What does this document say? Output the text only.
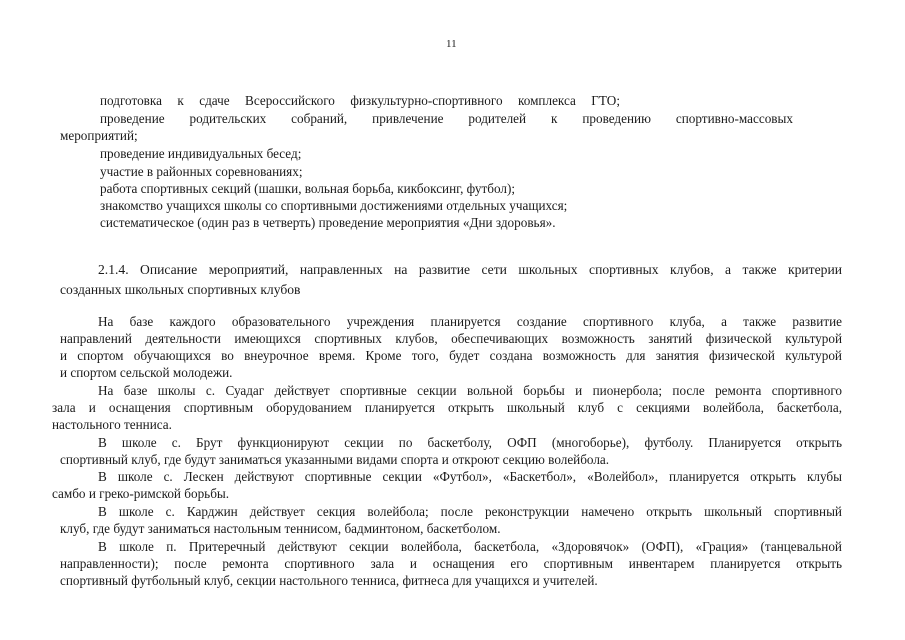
11
подготовка к сдаче Всероссийского физкультурно-спортивного комплекса ГТО;
проведение родительских собраний, привлечение родителей к проведению спортивно-массовых
мероприятий;
проведение индивидуальных бесед;
участие в районных соревнованиях;
работа спортивных секций (шашки, вольная борьба, кикбоксинг, футбол);
знакомство учащихся школы со спортивными достижениями отдельных учащихся;
систематическое (один раз в четверть) проведение мероприятия «Дни здоровья».
2.1.4. Описание мероприятий, направленных на развитие сети школьных спортивных клубов, а также критерии
созданных школьных спортивных клубов
На базе каждого образовательного учреждения планируется создание спортивного клуба, а также развитие
направлений деятельности имеющихся спортивных клубов, обеспечивающих возможность занятий физической культурой
и спортом обучающихся во внеурочное время. Кроме того, будет создана возможность для занятия физической культурой
и спортом сельской молодежи.
На базе школы с. Суадаг действует спортивные секции вольной борьбы и пионербола; после ремонта спортивного
зала и оснащения спортивным оборудованием планируется открыть школьный клуб с секциями волейбола, баскетбола,
настольного тенниса.
В школе с. Брут функционируют секции по баскетболу, ОФП (многоборье), футболу. Планируется открыть
спортивный клуб, где будут заниматься указанными видами спорта и откроют секцию волейбола.
В школе с. Лескен действуют спортивные секции «Футбол», «Баскетбол», «Волейбол», планируется открыть клубы
самбо и греко-римской борьбы.
В школе с. Карджин действует секция волейбола; после реконструкции намечено открыть школьный спортивный
клуб, где будут заниматься настольным теннисом, бадминтоном, баскетболом.
В школе п. Притеречный действуют секции волейбола, баскетбола, «Здоровячок» (ОФП), «Грация» (танцевальной
направленности); после ремонта спортивного зала и оснащения его спортивным инвентарем планируется открыть
спортивный футбольный клуб, секции настольного тенниса, фитнеса для учащихся и учителей.
